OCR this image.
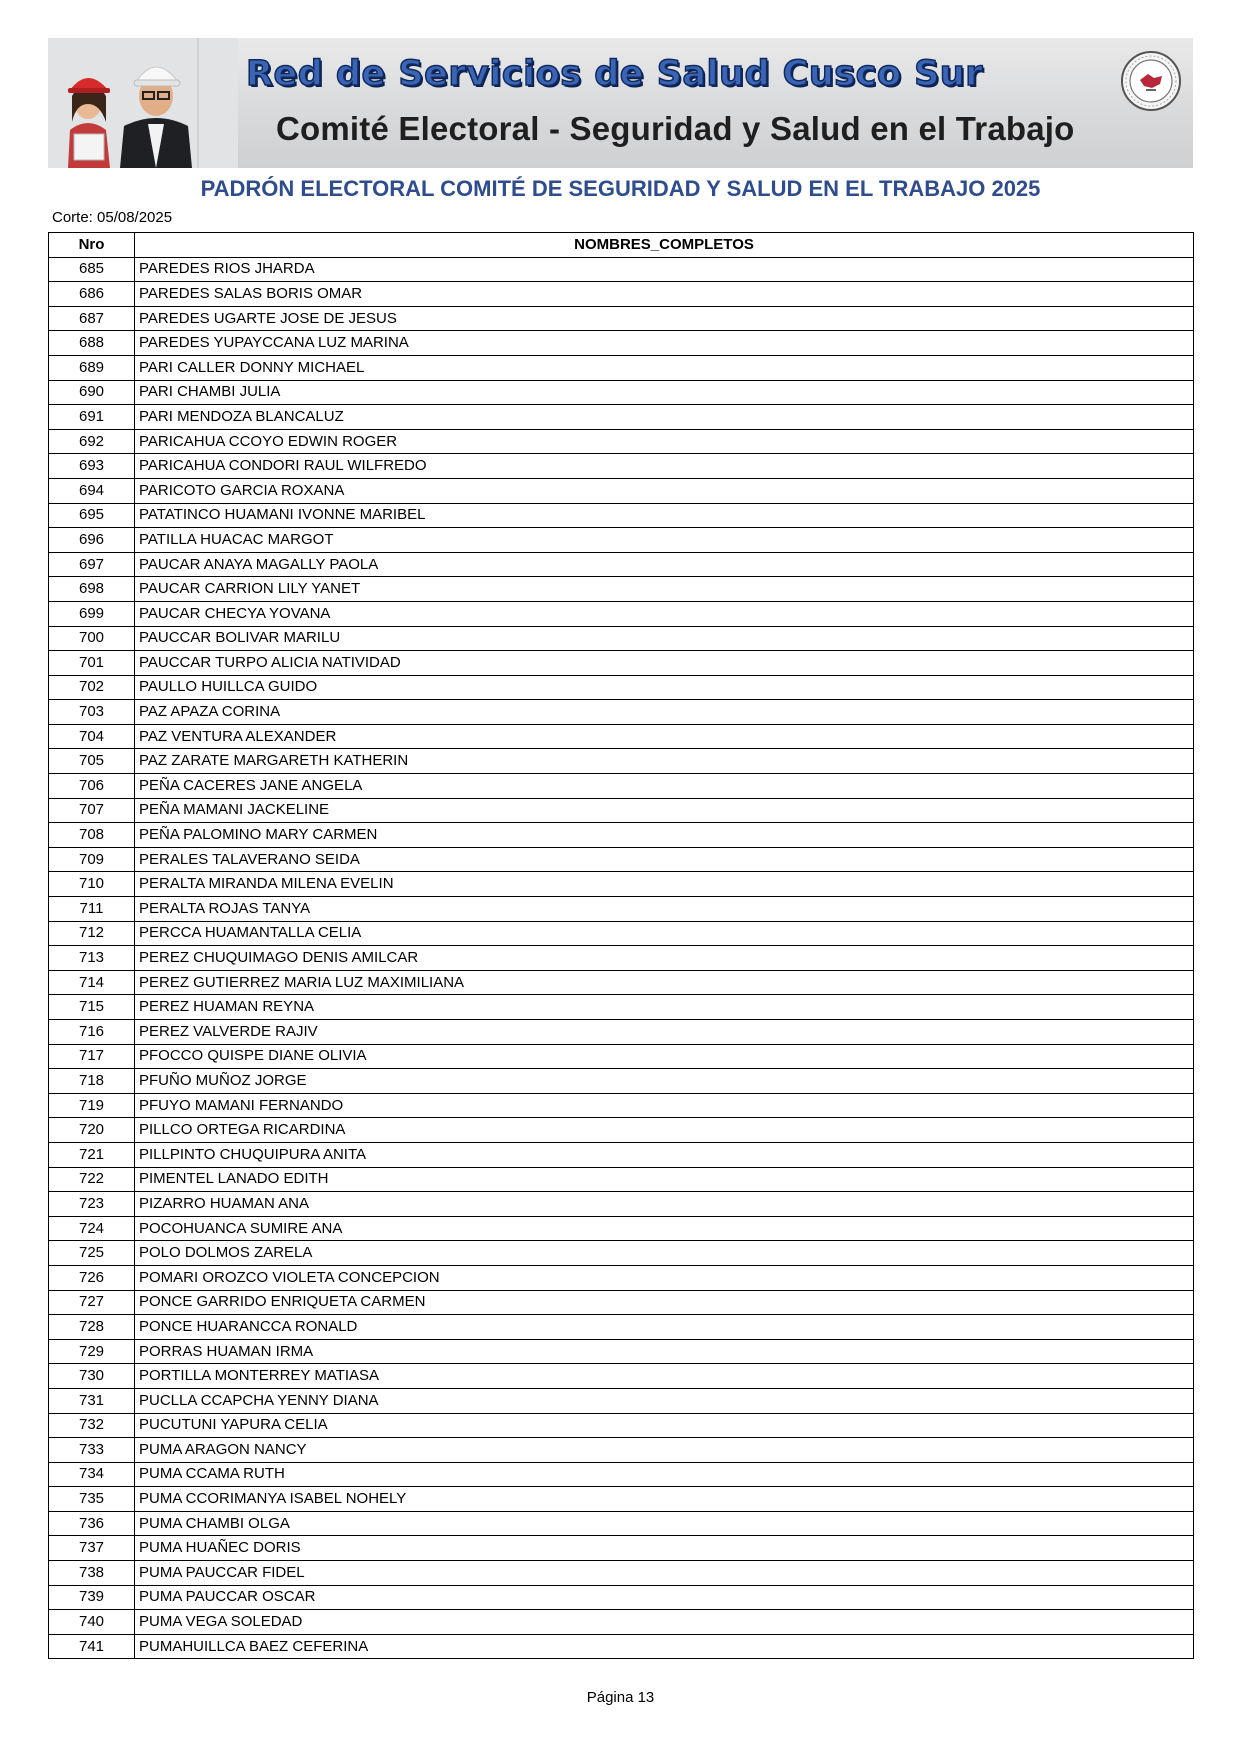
Red de Servicios de Salud Cusco Sur
Comité Electoral - Seguridad y Salud en el Trabajo
PADRÓN ELECTORAL COMITÉ DE SEGURIDAD Y SALUD EN EL TRABAJO 2025
Corte: 05/08/2025
Nro	NOMBRES_COMPLETOS
685	PAREDES RIOS JHARDA
686	PAREDES SALAS BORIS OMAR
687	PAREDES UGARTE JOSE DE JESUS
688	PAREDES YUPAYCCANA LUZ MARINA
689	PARI CALLER DONNY MICHAEL
690	PARI CHAMBI JULIA
691	PARI MENDOZA BLANCALUZ
692	PARICAHUA CCOYO EDWIN ROGER
693	PARICAHUA CONDORI RAUL WILFREDO
694	PARICOTO GARCIA ROXANA
695	PATATINCO HUAMANI IVONNE MARIBEL
696	PATILLA HUACAC MARGOT
697	PAUCAR ANAYA MAGALLY PAOLA
698	PAUCAR CARRION LILY YANET
699	PAUCAR CHECYA YOVANA
700	PAUCCAR BOLIVAR MARILU
701	PAUCCAR TURPO ALICIA NATIVIDAD
702	PAULLO HUILLCA GUIDO
703	PAZ APAZA CORINA
704	PAZ VENTURA ALEXANDER
705	PAZ ZARATE MARGARETH KATHERIN
706	PEÑA CACERES JANE ANGELA
707	PEÑA MAMANI JACKELINE
708	PEÑA PALOMINO MARY CARMEN
709	PERALES TALAVERANO SEIDA
710	PERALTA MIRANDA MILENA EVELIN
711	PERALTA ROJAS TANYA
712	PERCCA HUAMANTALLA CELIA
713	PEREZ CHUQUIMAGO DENIS AMILCAR
714	PEREZ GUTIERREZ MARIA LUZ MAXIMILIANA
715	PEREZ HUAMAN REYNA
716	PEREZ VALVERDE RAJIV
717	PFOCCO QUISPE DIANE OLIVIA
718	PFUÑO MUÑOZ JORGE
719	PFUYO MAMANI FERNANDO
720	PILLCO ORTEGA RICARDINA
721	PILLPINTO CHUQUIPURA ANITA
722	PIMENTEL LANADO EDITH
723	PIZARRO HUAMAN ANA
724	POCOHUANCA SUMIRE ANA
725	POLO DOLMOS ZARELA
726	POMARI OROZCO VIOLETA CONCEPCION
727	PONCE GARRIDO ENRIQUETA CARMEN
728	PONCE HUARANCCA RONALD
729	PORRAS HUAMAN IRMA
730	PORTILLA MONTERREY MATIASA
731	PUCLLA CCAPCHA YENNY DIANA
732	PUCUTUNI YAPURA CELIA
733	PUMA ARAGON NANCY
734	PUMA CCAMA RUTH
735	PUMA CCORIMANYA ISABEL NOHELY
736	PUMA CHAMBI OLGA
737	PUMA HUAÑEC DORIS
738	PUMA PAUCCAR FIDEL
739	PUMA PAUCCAR OSCAR
740	PUMA VEGA SOLEDAD
741	PUMAHUILLCA BAEZ CEFERINA
Página 13
